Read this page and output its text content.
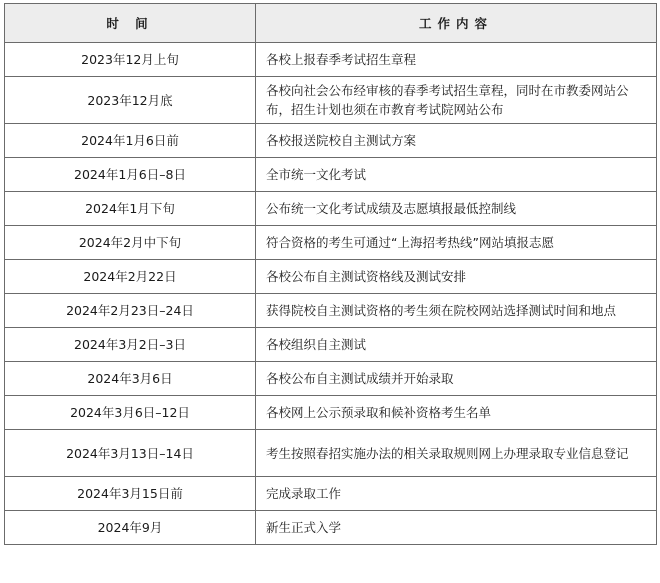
时 间	工作内容
2023年12月上旬	各校上报春季考试招生章程
2023年12月底	各校向社会公布经审核的春季考试招生章程，同时在市教委网站公布，招生计划也须在市教育考试院网站公布
2024年1月6日前	各校报送院校自主测试方案
2024年1月6日–8日	全市统一文化考试
2024年1月下旬	公布统一文化考试成绩及志愿填报最低控制线
2024年2月中下旬	符合资格的考生可通过“上海招考热线”网站填报志愿
2024年2月22日	各校公布自主测试资格线及测试安排
2024年2月23日–24日	获得院校自主测试资格的考生须在院校网站选择测试时间和地点
2024年3月2日–3日	各校组织自主测试
2024年3月6日	各校公布自主测试成绩并开始录取
2024年3月6日–12日	各校网上公示预录取和候补资格考生名单
2024年3月13日–14日	考生按照春招实施办法的相关录取规则网上办理录取专业信息登记
2024年3月15日前	完成录取工作
2024年9月	新生正式入学
